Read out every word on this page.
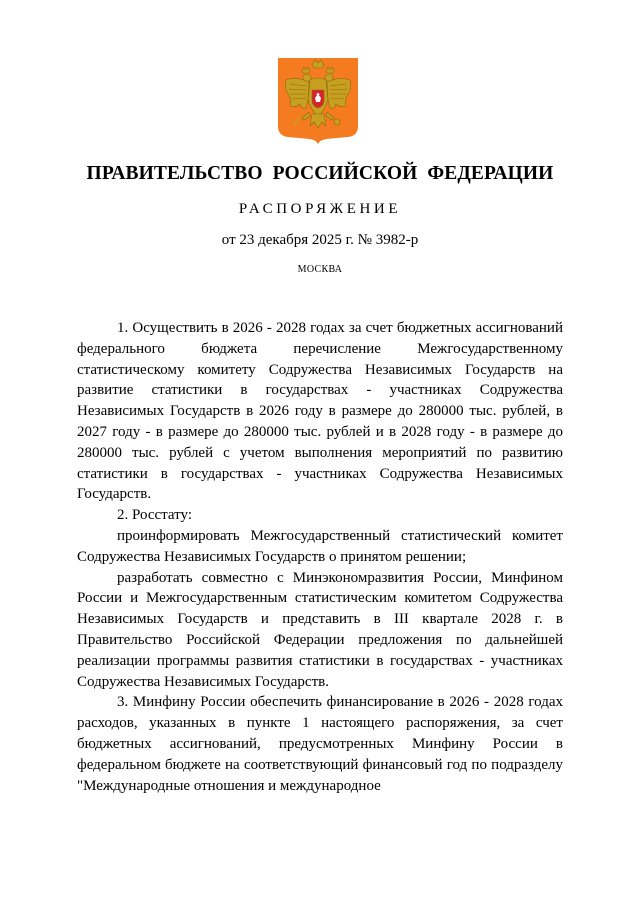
ПРАВИТЕЛЬСТВО РОССИЙСКОЙ ФЕДЕРАЦИИ
РАСПОРЯЖЕНИЕ
от 23 декабря 2025 г. № 3982-р
МОСКВА

1. Осуществить в 2026 - 2028 годах за счет бюджетных ассигнований федерального бюджета перечисление Межгосударственному статистическому комитету Содружества Независимых Государств на развитие статистики в государствах - участниках Содружества Независимых Государств в 2026 году в размере до 280000 тыс. рублей, в 2027 году - в размере до 280000 тыс. рублей и в 2028 году - в размере до 280000 тыс. рублей с учетом выполнения мероприятий по развитию статистики в государствах - участниках Содружества Независимых Государств.

2. Росстату:

проинформировать Межгосударственный статистический комитет Содружества Независимых Государств о принятом решении;

разработать совместно с Минэкономразвития России, Минфином России и Межгосударственным статистическим комитетом Содружества Независимых Государств и представить в III квартале 2028 г. в Правительство Российской Федерации предложения по дальнейшей реализации программы развития статистики в государствах - участниках Содружества Независимых Государств.

3. Минфину России обеспечить финансирование в 2026 - 2028 годах расходов, указанных в пункте 1 настоящего распоряжения, за счет бюджетных ассигнований, предусмотренных Минфину России в федеральном бюджете на соответствующий финансовый год по подразделу "Международные отношения и международное
